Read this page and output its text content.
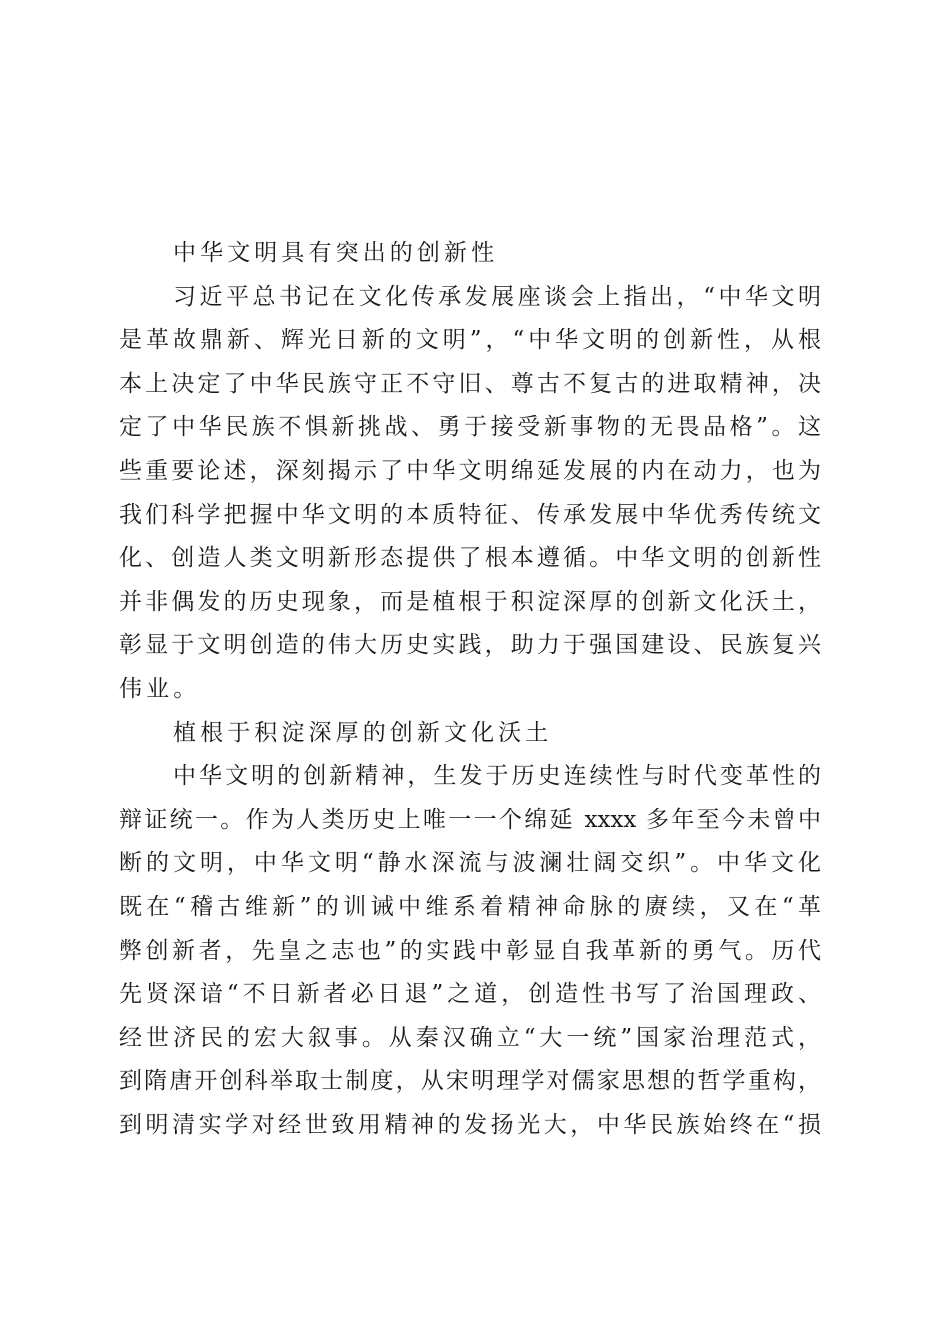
中华文明具有突出的创新性
习近平总书记在文化传承发展座谈会上指出，“中华文明
是革故鼎新、辉光日新的文明”，“中华文明的创新性，从根
本上决定了中华民族守正不守旧、尊古不复古的进取精神，决
定了中华民族不惧新挑战、勇于接受新事物的无畏品格”。这
些重要论述，深刻揭示了中华文明绵延发展的内在动力，也为
我们科学把握中华文明的本质特征、传承发展中华优秀传统文
化、创造人类文明新形态提供了根本遵循。中华文明的创新性
并非偶发的历史现象，而是植根于积淀深厚的创新文化沃土，
彰显于文明创造的伟大历史实践，助力于强国建设、民族复兴
伟业。
植根于积淀深厚的创新文化沃土
中华文明的创新精神，生发于历史连续性与时代变革性的
辩证统一。作为人类历史上唯一一个绵延 xxxx 多年至今未曾中
断的文明，中华文明“静水深流与波澜壮阔交织”。中华文化
既在“稽古维新”的训诫中维系着精神命脉的赓续，又在“革
弊创新者，先皇之志也”的实践中彰显自我革新的勇气。历代
先贤深谙“不日新者必日退”之道，创造性书写了治国理政、
经世济民的宏大叙事。从秦汉确立“大一统”国家治理范式，
到隋唐开创科举取士制度，从宋明理学对儒家思想的哲学重构，
到明清实学对经世致用精神的发扬光大，中华民族始终在“损
